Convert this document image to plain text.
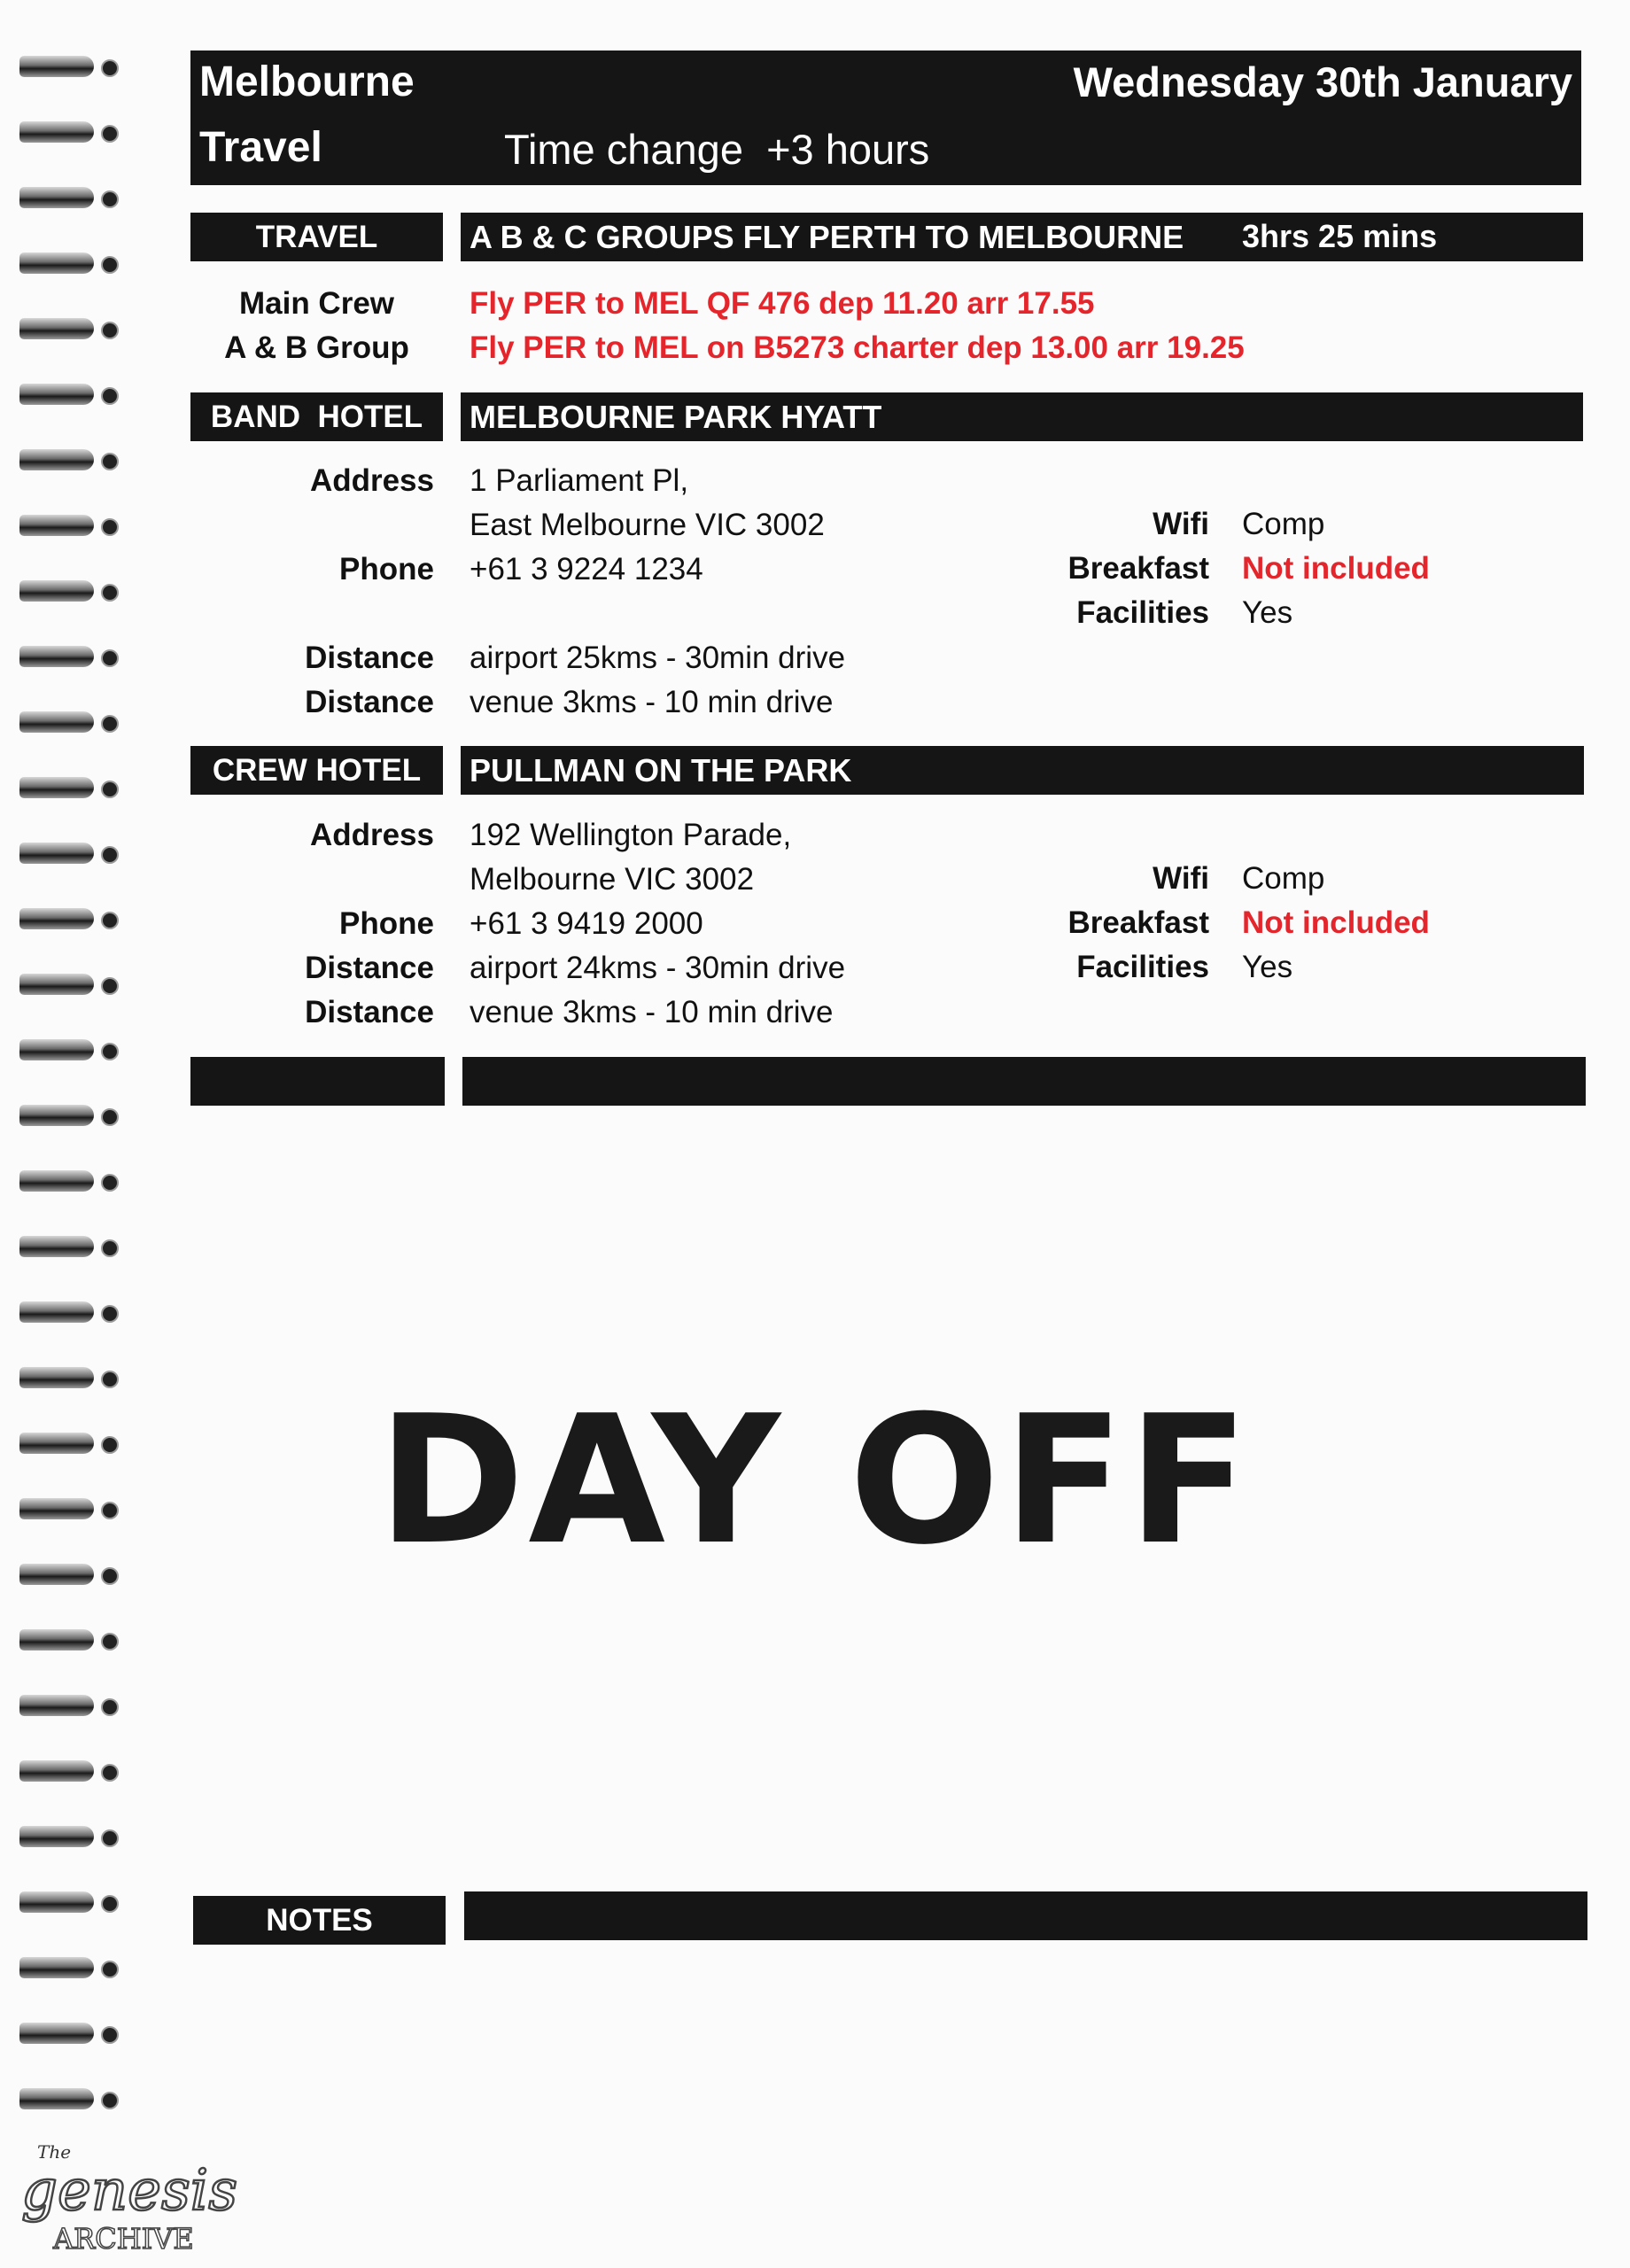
Melbourne
Travel	Time change  +3 hours
Wednesday 30th January
TRAVEL	A B & C GROUPS FLY PERTH TO MELBOURNE 3hrs 25 mins
Main Crew	Fly PER to MEL QF 476 dep 11.20 arr 17.55
A & B Group	Fly PER to MEL on B5273 charter dep 13.00 arr 19.25
BAND  HOTEL	MELBOURNE PARK HYATT
Address 1 Parliament Pl,
East Melbourne VIC 3002
Phone +61 3 9224 1234
Distance airport 25kms - 30min drive
Distance venue 3kms - 10 min drive
Wifi Comp
Breakfast Not included
Facilities Yes
CREW HOTEL	PULLMAN ON THE PARK
Address 192 Wellington Parade,
Melbourne VIC 3002
Phone +61 3 9419 2000
Distance airport 24kms - 30min drive
Distance venue 3kms - 10 min drive
Wifi Comp
Breakfast Not included
Facilities Yes
DAY OFF
NOTES
The
genesis
ARCHIVE
